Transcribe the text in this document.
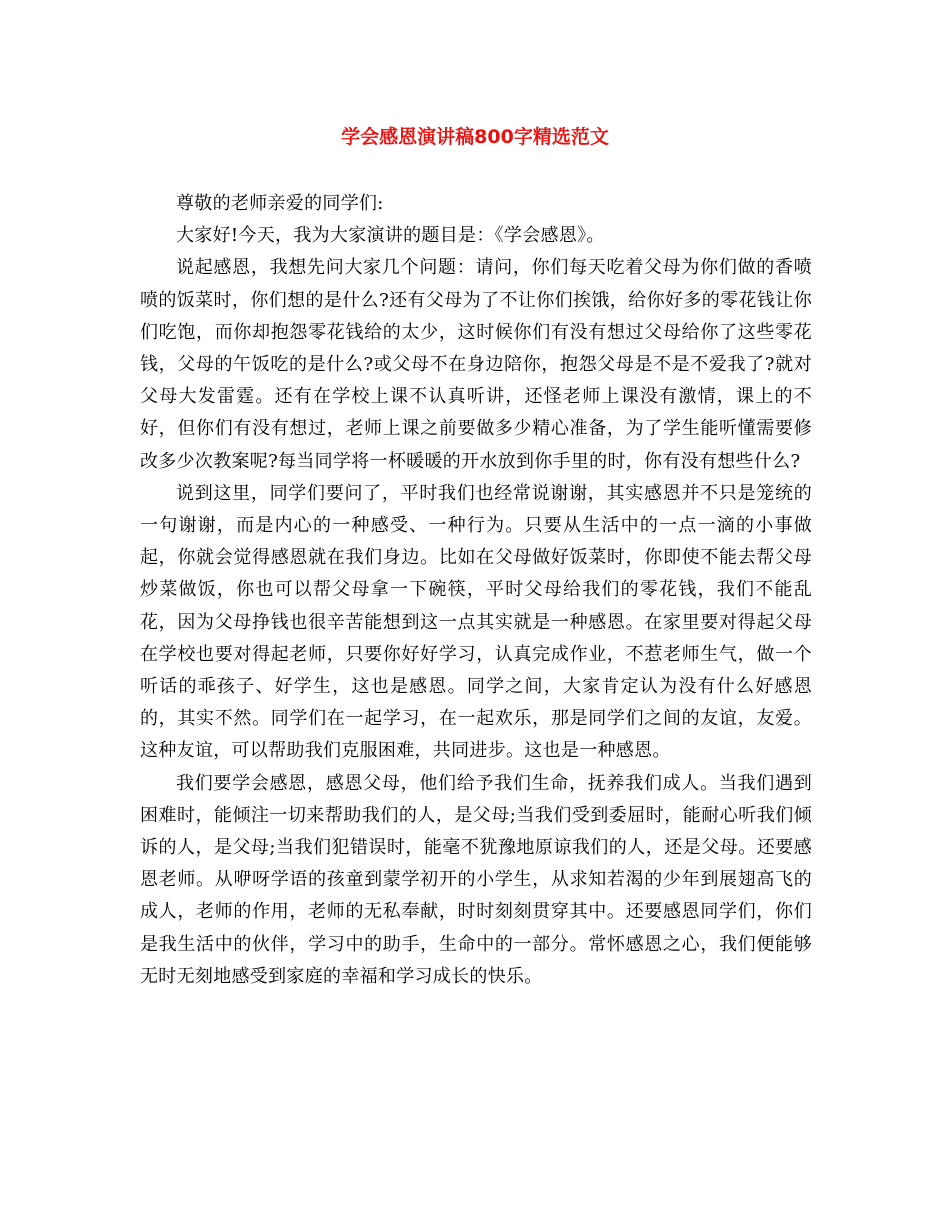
学会感恩演讲稿800字精选范文

尊敬的老师亲爱的同学们:

大家好!今天，我为大家演讲的题目是：《学会感恩》。

说起感恩，我想先问大家几个问题：请问，你们每天吃着父母为你们做的香喷喷的饭菜时，你们想的是什么?还有父母为了不让你们挨饿，给你好多的零花钱让你们吃饱，而你却抱怨零花钱给的太少，这时候你们有没有想过父母给你了这些零花钱，父母的午饭吃的是什么?或父母不在身边陪你，抱怨父母是不是不爱我了?就对父母大发雷霆。还有在学校上课不认真听讲，还怪老师上课没有激情，课上的不好，但你们有没有想过，老师上课之前要做多少精心准备，为了学生能听懂需要修改多少次教案呢?每当同学将一杯暖暖的开水放到你手里的时，你有没有想些什么?

说到这里，同学们要问了，平时我们也经常说谢谢，其实感恩并不只是笼统的一句谢谢，而是内心的一种感受、一种行为。只要从生活中的一点一滴的小事做起，你就会觉得感恩就在我们身边。比如在父母做好饭菜时，你即使不能去帮父母炒菜做饭，你也可以帮父母拿一下碗筷，平时父母给我们的零花钱，我们不能乱花，因为父母挣钱也很辛苦能想到这一点其实就是一种感恩。在家里要对得起父母在学校也要对得起老师，只要你好好学习，认真完成作业，不惹老师生气，做一个听话的乖孩子、好学生，这也是感恩。同学之间，大家肯定认为没有什么好感恩的，其实不然。同学们在一起学习，在一起欢乐，那是同学们之间的友谊，友爱。这种友谊，可以帮助我们克服困难，共同进步。这也是一种感恩。

我们要学会感恩，感恩父母，他们给予我们生命，抚养我们成人。当我们遇到困难时，能倾注一切来帮助我们的人，是父母;当我们受到委屈时，能耐心听我们倾诉的人，是父母;当我们犯错误时，能毫不犹豫地原谅我们的人，还是父母。还要感恩老师。从咿呀学语的孩童到蒙学初开的小学生，从求知若渴的少年到展翅高飞的成人，老师的作用，老师的无私奉献，时时刻刻贯穿其中。还要感恩同学们，你们是我生活中的伙伴，学习中的助手，生命中的一部分。常怀感恩之心，我们便能够无时无刻地感受到家庭的幸福和学习成长的快乐。
